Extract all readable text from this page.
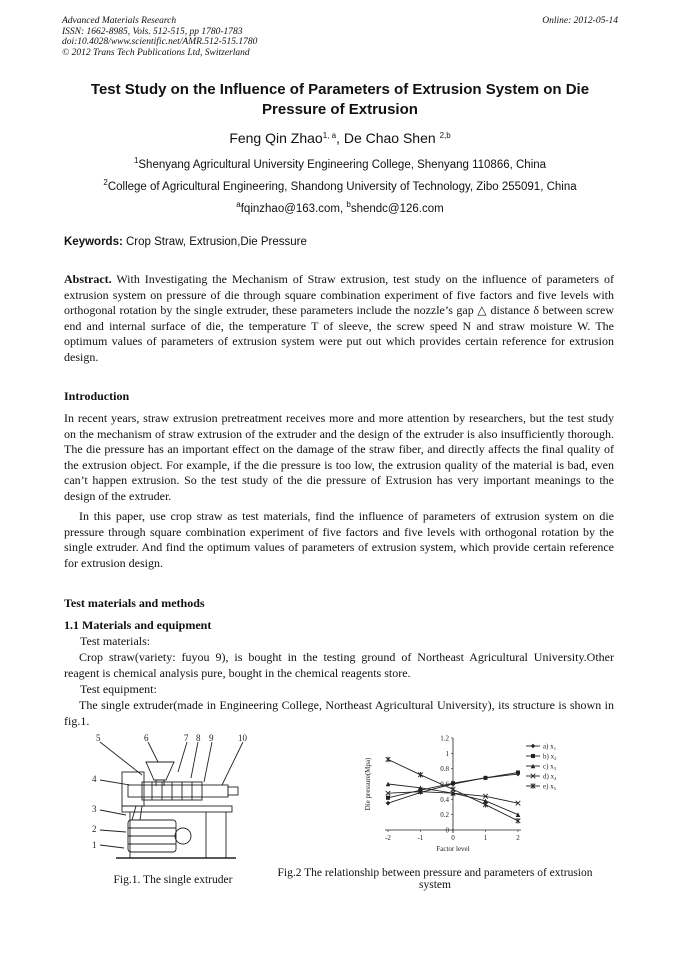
Advanced Materials Research
ISSN: 1662-8985, Vols. 512-515, pp 1780-1783
doi:10.4028/www.scientific.net/AMR.512-515.1780
© 2012 Trans Tech Publications Ltd, Switzerland
Online: 2012-05-14
Test Study on the Influence of Parameters of Extrusion System on Die Pressure of Extrusion
Feng Qin Zhao$^{1, a}$, De Chao Shen $^{2,b}$
$^1$Shenyang Agricultural University Engineering College, Shenyang 110866, China
$^2$College of Agricultural Engineering, Shandong University of Technology, Zibo 255091, China
$^a$fqinzhao@163.com, $^b$shendc@126.com
Keywords: Crop Straw, Extrusion,Die Pressure
Abstract. With Investigating the Mechanism of Straw extrusion, test study on the influence of parameters of extrusion system on pressure of die through square combination experiment of five factors and five levels with orthogonal rotation by the single extruder, these parameters include the nozzle’s gap △ distance δ between screw end and internal surface of die, the temperature T of sleeve, the screw speed N and straw moisture W. The optimum values of parameters of extrusion system were put out which provides certain reference for extrusion design.
Introduction
In recent years, straw extrusion pretreatment receives more and more attention by researchers, but the test study on the mechanism of straw extrusion of the extruder and the design of the extruder is also insufficiently thorough. The die pressure has an important effect on the damage of the straw fiber, and directly affects the final quality of the extrusion object. For example, if the die pressure is too low, the extrusion quality of the material is bad, even can’t happen extrusion. So the test study of the die pressure of Extrusion has very important meanings to the design of the extruder.
In this paper, use crop straw as test materials, find the influence of parameters of extrusion system on die pressure through square combination experiment of five factors and five levels with orthogonal rotation by the single extruder. And find the optimum values of parameters of extrusion system, which provide certain reference for extrusion design.
Test materials and methods
1.1 Materials and equipment
Test materials:
Crop straw(variety: fuyou 9), is bought in the testing ground of Northeast Agricultural University.Other reagent is chemical analysis pure, bought in the chemical reagents store.
Test equipment:
The single extruder(made in Engineering College, Northeast Agricultural University), its structure is shown in fig.1.
5	6	7 8 9	10
4
3
2
1
Fig.1. The single extruder
0
0.2
0.4
0.6
0.8
1
1.2
-2	-1	0	1	2
a) x₁
b) x₂
c) x₃
d) x₄
e) x₅
Die pressure(Mpa)
Factor level
Fig.2 The relationship between pressure and parameters of extrusion system
